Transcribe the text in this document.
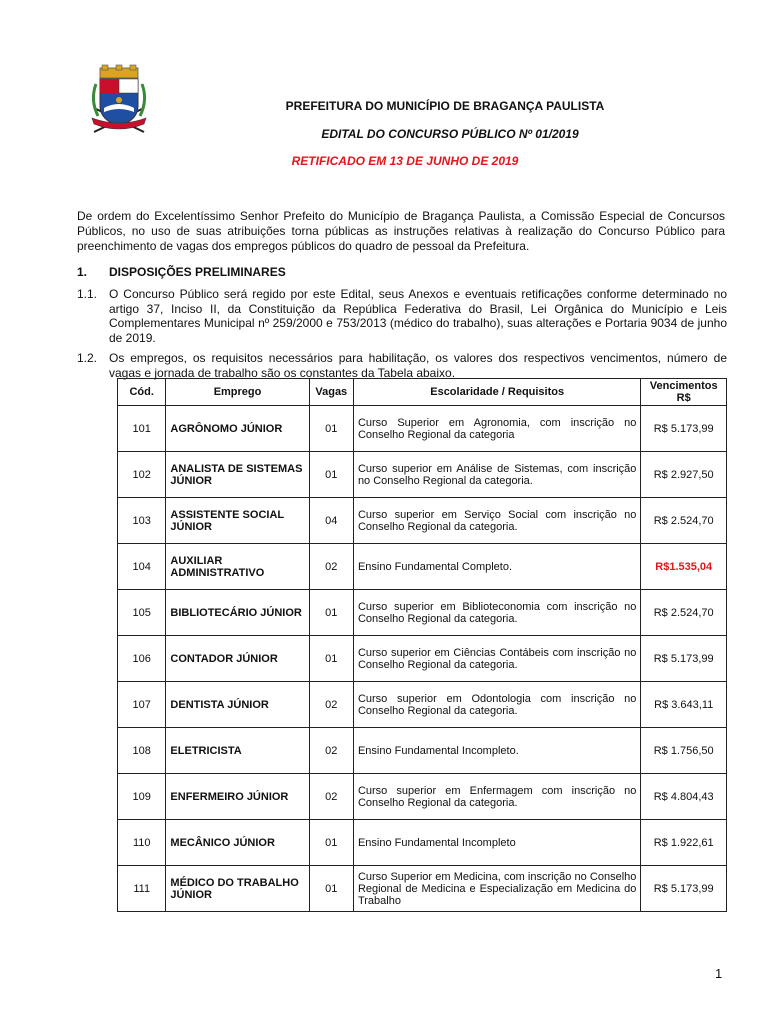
PREFEITURA DO MUNICÍPIO DE BRAGANÇA PAULISTA
EDITAL DO CONCURSO PÚBLICO Nº 01/2019
RETIFICADO EM 13 DE JUNHO DE 2019
De ordem do Excelentíssimo Senhor Prefeito do Município de Bragança Paulista, a Comissão Especial de Concursos Públicos, no uso de suas atribuições torna públicas as instruções relativas à realização do Concurso Público para preenchimento de vagas dos empregos públicos do quadro de pessoal da Prefeitura.
1. DISPOSIÇÕES PRELIMINARES
1.1. O Concurso Público será regido por este Edital, seus Anexos e eventuais retificações conforme determinado no artigo 37, Inciso II, da Constituição da República Federativa do Brasil, Lei Orgânica do Município e Leis Complementares Municipal nº 259/2000 e 753/2013 (médico do trabalho), suas alterações e Portaria 9034 de junho de 2019.
1.2. Os empregos, os requisitos necessários para habilitação, os valores dos respectivos vencimentos, número de vagas e jornada de trabalho são os constantes da Tabela abaixo.
Cód.	Emprego	Vagas	Escolaridade / Requisitos	Vencimentos
R$
101	AGRÔNOMO JÚNIOR	01	Curso Superior em Agronomia, com inscrição no Conselho Regional da categoria	R$ 5.173,99
102	ANALISTA DE SISTEMAS JÚNIOR	01	Curso superior em Análise de Sistemas, com inscrição no Conselho Regional da categoria.	R$ 2.927,50
103	ASSISTENTE SOCIAL JÚNIOR	04	Curso superior em Serviço Social com inscrição no Conselho Regional da categoria.	R$ 2.524,70
104	AUXILIAR ADMINISTRATIVO	02	Ensino Fundamental Completo.	R$1.535,04
105	BIBLIOTECÁRIO JÚNIOR	01	Curso superior em Biblioteconomia com inscrição no Conselho Regional da categoria.	R$ 2.524,70
106	CONTADOR JÚNIOR	01	Curso superior em Ciências Contábeis com inscrição no Conselho Regional da categoria.	R$ 5.173,99
107	DENTISTA JÚNIOR	02	Curso superior em Odontologia com inscrição no Conselho Regional da categoria.	R$ 3.643,11
108	ELETRICISTA	02	Ensino Fundamental Incompleto.	R$ 1.756,50
109	ENFERMEIRO JÚNIOR	02	Curso superior em Enfermagem com inscrição no Conselho Regional da categoria.	R$ 4.804,43
110	MECÂNICO JÚNIOR	01	Ensino Fundamental Incompleto	R$ 1.922,61
111	MÉDICO DO TRABALHO JÚNIOR	01	Curso Superior em Medicina, com inscrição no Conselho Regional de Medicina e Especialização em Medicina do Trabalho	R$ 5.173,99
1
